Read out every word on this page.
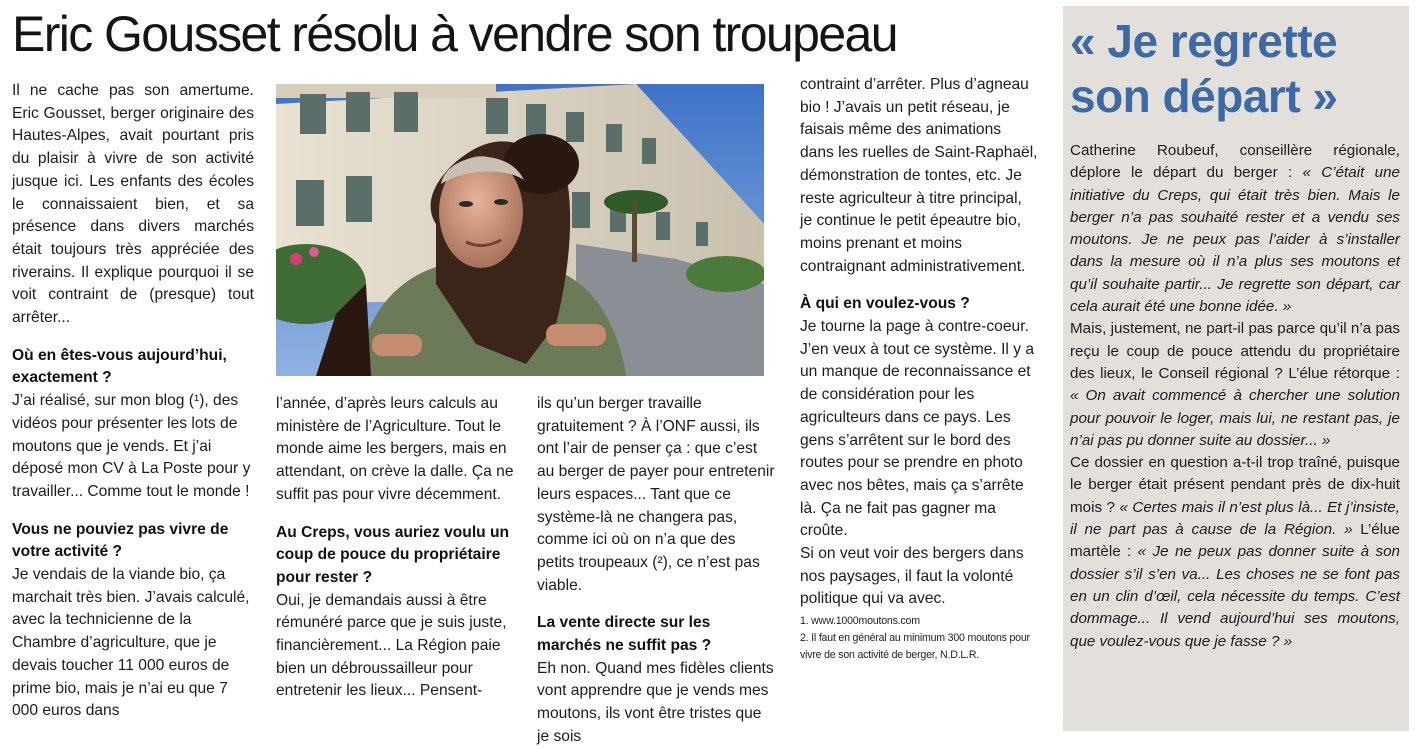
Eric Gousset résolu à vendre son troupeau

Il ne cache pas son amertume. Eric Gousset, berger originaire des Hautes-Alpes, avait pourtant pris du plaisir à vivre de son activité jusque ici. Les enfants des écoles le connaissaient bien, et sa présence dans divers marchés était toujours très appréciée des riverains. Il explique pourquoi il se voit contraint de (presque) tout arrêter...

Où en êtes-vous aujourd’hui, exactement ?

J’ai réalisé, sur mon blog (¹), des vidéos pour présenter les lots de moutons que je vends. Et j’ai déposé mon CV à La Poste pour y travailler... Comme tout le monde !

Vous ne pouviez pas vivre de votre activité ?

Je vendais de la viande bio, ça marchait très bien. J’avais calculé, avec la technicienne de la Chambre d’agriculture, que je devais toucher 11 000 euros de prime bio, mais je n’ai eu que 7 000 euros dans

l’année, d’après leurs calculs au ministère de l’Agriculture. Tout le monde aime les bergers, mais en attendant, on crève la dalle. Ça ne suffit pas pour vivre décemment.

Au Creps, vous auriez voulu un coup de pouce du propriétaire pour rester ?

Oui, je demandais aussi à être rémunéré parce que je suis juste, financièrement... La Région paie bien un débroussailleur pour entretenir les lieux... Pensent-

ils qu’un berger travaille gratuitement ? À l’ONF aussi, ils ont l’air de penser ça : que c’est au berger de payer pour entretenir leurs espaces... Tant que ce système-là ne changera pas, comme ici où on n’a que des petits troupeaux (²), ce n’est pas viable.

La vente directe sur les marchés ne suffit pas ?

Eh non. Quand mes fidèles clients vont apprendre que je vends mes moutons, ils vont être tristes que je sois

contraint d’arrêter. Plus d’agneau bio ! J’avais un petit réseau, je faisais même des animations dans les ruelles de Saint-Raphaël, démonstration de tontes, etc. Je reste agriculteur à titre principal, je continue le petit épeautre bio, moins prenant et moins contraignant administrativement.

À qui en voulez-vous ?

Je tourne la page à contre-coeur. J’en veux à tout ce système. Il y a un manque de reconnaissance et de considération pour les agriculteurs dans ce pays. Les gens s’arrêtent sur le bord des routes pour se prendre en photo avec nos bêtes, mais ça s’arrête là. Ça ne fait pas gagner ma croûte.

Si on veut voir des bergers dans nos paysages, il faut la volonté politique qui va avec.

1. www.1000moutons.com

2. Il faut en général au minimum 300 moutons pour vivre de son activité de berger, N.D.L.R.

« Je regrette son départ »

Catherine Roubeuf, conseillère régionale, déplore le départ du berger : « C’était une initiative du Creps, qui était très bien. Mais le berger n’a pas souhaité rester et a vendu ses moutons. Je ne peux pas l’aider à s’installer dans la mesure où il n’a plus ses moutons et qu’il souhaite partir... Je regrette son départ, car cela aurait été une bonne idée. »

Mais, justement, ne part-il pas parce qu’il n’a pas reçu le coup de pouce attendu du propriétaire des lieux, le Conseil régional ? L’élue rétorque : « On avait commencé à chercher une solution pour pouvoir le loger, mais lui, ne restant pas, je n’ai pas pu donner suite au dossier... »

Ce dossier en question a-t-il trop traîné, puisque le berger était présent pendant près de dix-huit mois ? « Certes mais il n’est plus là... Et j’insiste, il ne part pas à cause de la Région. » L’élue martèle : « Je ne peux pas donner suite à son dossier s’il s’en va... Les choses ne se font pas en un clin d’œil, cela nécessite du temps. C’est dommage... Il vend aujourd’hui ses moutons, que voulez-vous que je fasse ? »
